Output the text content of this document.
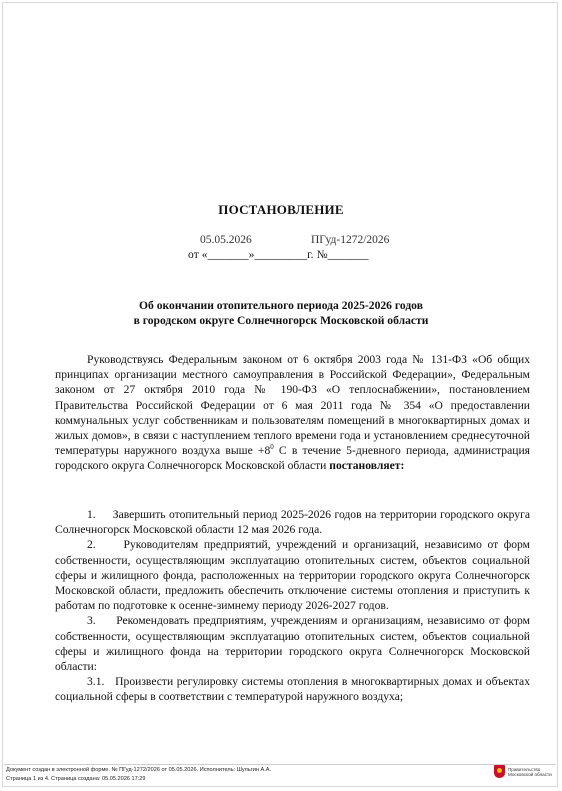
ПОСТАНОВЛЕНИЕ
05.05.2026	ПГуд-1272/2026
от «_______»_________г. №_______
Об окончании отопительного периода 2025-2026 годов
в городском округе Солнечногорск Московской области
Руководствуясь Федеральным законом от 6 октября 2003 года № 131-ФЗ «Об общих принципах организации местного самоуправления в Российской Федерации», Федеральным законом от 27 октября 2010 года № 190-ФЗ «О теплоснабжении», постановлением Правительства Российской Федерации от 6 мая 2011 года № 354 «О предоставлении коммунальных услуг собственникам и пользователям помещений в многоквартирных домах и жилых домов», в связи с наступлением теплого времени года и установлением среднесуточной температуры наружного воздуха выше $+8^0$ С в течение 5-дневного периода, администрация городского округа Солнечногорск Московской области постановляет:
1.     Завершить отопительный период 2025-2026 годов на территории городского округа Солнечногорск Московской области 12 мая 2026 года.
2.     Руководителям предприятий, учреждений и организаций, независимо от форм собственности, осуществляющим эксплуатацию отопительных систем, объектов социальной сферы и жилищного фонда, расположенных на территории городского округа Солнечногорск Московской области, предложить обеспечить отключение системы отопления и приступить к работам по подготовке к осенне-зимнему периоду 2026-2027 годов.
3.     Рекомендовать предприятиям, учреждениям и организациям, независимо от форм собственности, осуществляющим эксплуатацию отопительных систем, объектов социальной сферы и жилищного фонда на территории городского округа Солнечногорск Московской области:
3.1.   Произвести регулировку системы отопления в многоквартирных домах и объектах социальной сферы в соответствии с температурой наружного воздуха;
Документ создан в электронной форме. № ПГуд-1272/2026 от 05.05.2026. Исполнитель: Шульгин А.А.
Страница 1 из 4. Страница создана: 05.05.2026 17:29
Правительство
Московской области
